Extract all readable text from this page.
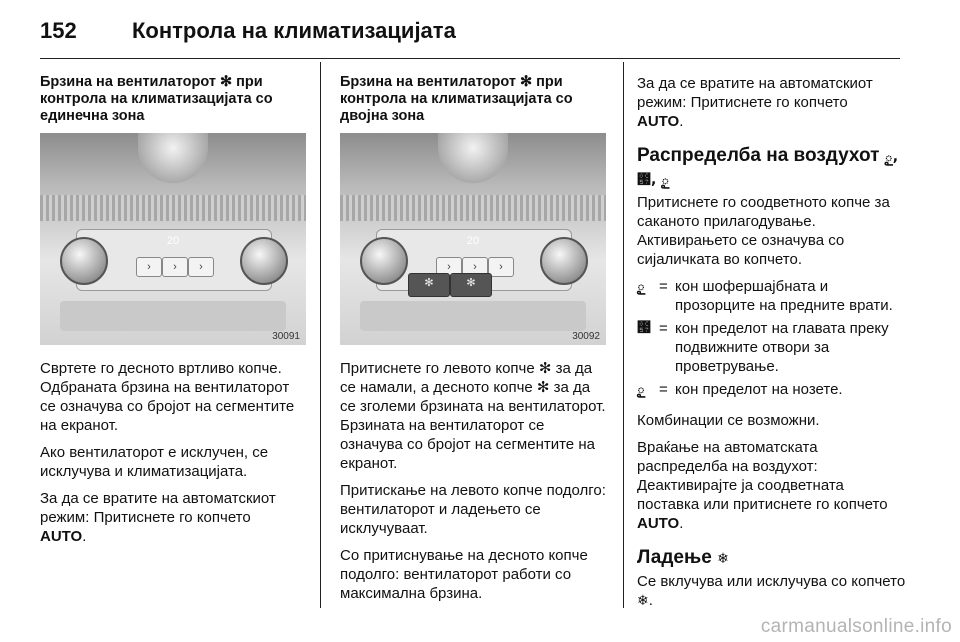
152	Контрола на климатизацијата
Брзина на вентилаторот ✻ при контрола на климатизацијата со единечна зона
20
›	›	›
30091
Свртете го десното вртливо копче. Одбраната брзина на вентилаторот се означува со бројот на сегментите на екранот.
Ако вентилаторот е исклучен, се исклучува и климатизацијата.
За да се вратите на автоматскиот режим: Притиснете го копчето
AUTO.
Брзина на вентилаторот ✻ при контрола на климатизацијата со двојна зона
20
›	›	›
✻	✻
30092
Притиснете го левото копче ✻ за да се намали, а десното копче ✻ за да се зголеми брзината на вентилаторот. Брзината на вентилаторот се означува со бројот на сегментите на екранот.
Притискање на левото копче подолго: вентилаторот и ладењето се исклучуваат.
Со притиснување на десното копче подолго: вентилаторот работи со максимална брзина.
За да се вратите на автоматскиот режим: Притиснете го копчето
AUTO.
Распределба на воздухот ౖ, ౗, ౖ
Притиснете го соодветното копче за саканото прилагодување. Активирањето се означува со сијаличката во копчето.
ౖ = кон шофершајбната и прозорците на предните врати.
౗ = кон пределот на главата преку подвижните отвори за проветрување.
ౖ = кон пределот на нозете.
Комбинации се возможни.
Враќање на автоматската распределба на воздухот: Деактивирајте ја соодветната поставка или притиснете го копчето AUTO.
Ладење ❄
Се вклучува или исклучува со копчето ❄.
carmanualsonline.info
